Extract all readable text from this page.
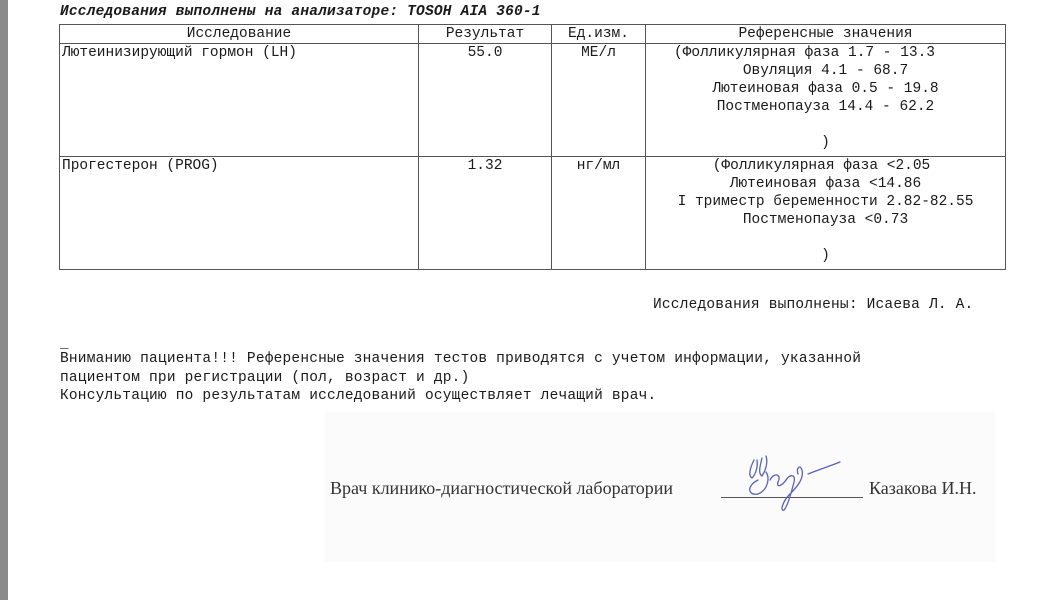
Исследования выполнены на анализаторе: TOSOH AIA 360-1
Исследование	Результат	Ед.изм.	Референсные значения
Лютеинизирующий гормон (LH)	55.0	МЕ/л	(Фолликулярная фаза 1.7 - 13.3
Овуляция 4.1 - 68.7
Лютеиновая фаза 0.5 - 19.8
Постменопауза 14.4 - 62.2
)

Прогестерон (PROG)	1.32	нг/мл	(Фолликулярная фаза <2.05
Лютеиновая фаза <14.86
I триместр беременности 2.82-82.55
Постменопауза <0.73
)
Исследования выполнены: Исаева Л. А.
_
Вниманию пациента!!! Референсные значения тестов приводятся с учетом информации, указанной
пациентом при регистрации (пол, возраст и др.)
Консультацию по результатам исследований осуществляет лечащий врач.
Врач клинико-диагностической лаборатории	Казакова И.Н.
